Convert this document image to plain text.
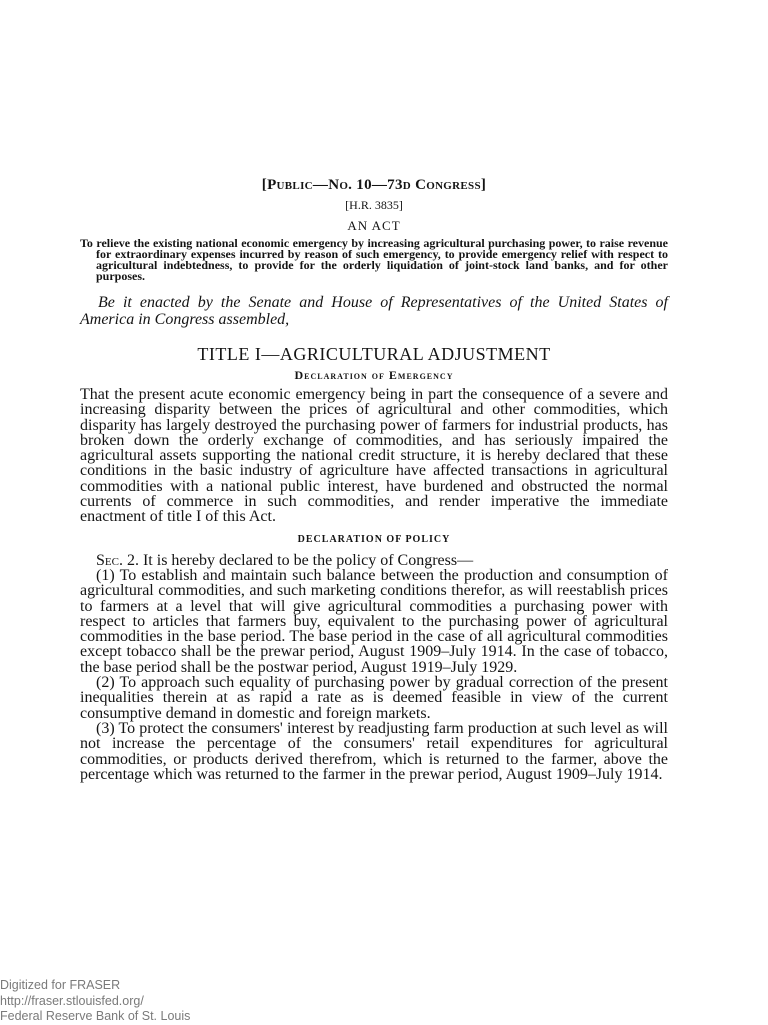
[Public—No. 10—73d Congress]
[H.R. 3835]
AN ACT

To relieve the existing national economic emergency by increasing agricultural purchasing power, to raise revenue for extraordinary expenses incurred by reason of such emergency, to provide emergency relief with respect to agricultural indebtedness, to provide for the orderly liquidation of joint-stock land banks, and for other purposes.

Be it enacted by the Senate and House of Representatives of the United States of America in Congress assembled,

TITLE I—AGRICULTURAL ADJUSTMENT
Declaration of Emergency

That the present acute economic emergency being in part the consequence of a severe and increasing disparity between the prices of agricultural and other commodities, which disparity has largely destroyed the purchasing power of farmers for industrial products, has broken down the orderly exchange of commodities, and has seriously impaired the agricultural assets supporting the national credit structure, it is hereby declared that these conditions in the basic industry of agriculture have affected transactions in agricultural commodities with a national public interest, have burdened and obstructed the normal currents of commerce in such commodities, and render imperative the immediate enactment of title I of this Act.

DECLARATION OF POLICY

Sec. 2. It is hereby declared to be the policy of Congress—

(1) To establish and maintain such balance between the production and consumption of agricultural commodities, and such marketing conditions therefor, as will reestablish prices to farmers at a level that will give agricultural commodities a purchasing power with respect to articles that farmers buy, equivalent to the purchasing power of agricultural commodities in the base period. The base period in the case of all agricultural commodities except tobacco shall be the prewar period, August 1909–July 1914. In the case of tobacco, the base period shall be the postwar period, August 1919–July 1929.

(2) To approach such equality of purchasing power by gradual correction of the present inequalities therein at as rapid a rate as is deemed feasible in view of the current consumptive demand in domestic and foreign markets.

(3) To protect the consumers' interest by readjusting farm production at such level as will not increase the percentage of the consumers' retail expenditures for agricultural commodities, or products derived therefrom, which is returned to the farmer, above the percentage which was returned to the farmer in the prewar period, August 1909–July 1914.

Digitized for FRASER
http://fraser.stlouisfed.org/
Federal Reserve Bank of St. Louis
